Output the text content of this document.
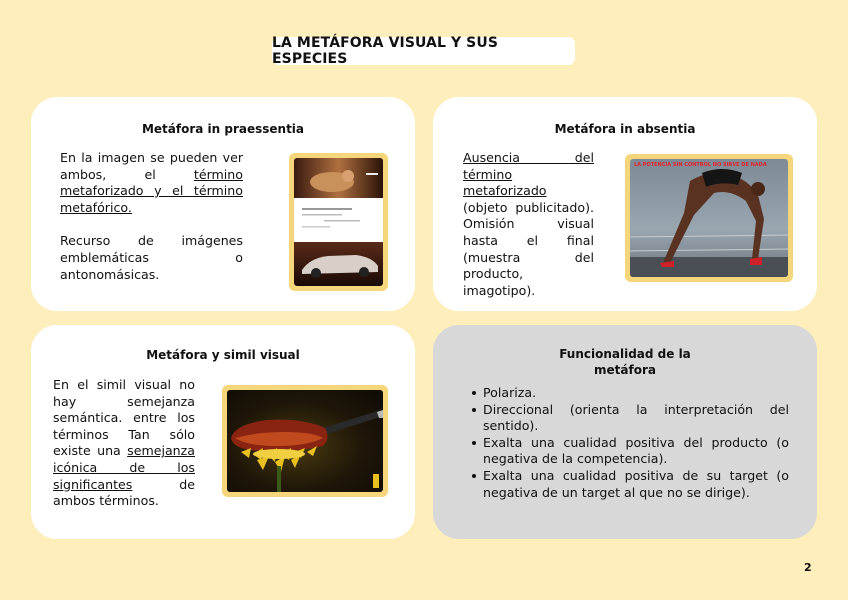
LA METÁFORA VISUAL Y SUS ESPECIES
Metáfora in praessentia

En la imagen se pueden ver ambos, el término metaforizado y el término metafórico.

Recurso de imágenes emblemáticas o antonomásicas.

Metáfora in absentia

Ausencia del término metaforizado (objeto publicitado). Omisión visual hasta el final (muestra del producto, imagotipo).

LA POTENCIA SIN CONTROL NO SIRVE DE NADA
Metáfora y simil visual

En el simil visual no hay semejanza semántica. entre los términos Tan sólo existe una semejanza icónica de los significantes de ambos términos.

Funcionalidad de la
metáfora
Polariza.
Direccional (orienta la interpretación del sentido).
Exalta una cualidad positiva del producto (o negativa de la competencia).
Exalta una cualidad positiva de su target (o negativa de un target al que no se dirige).
2
